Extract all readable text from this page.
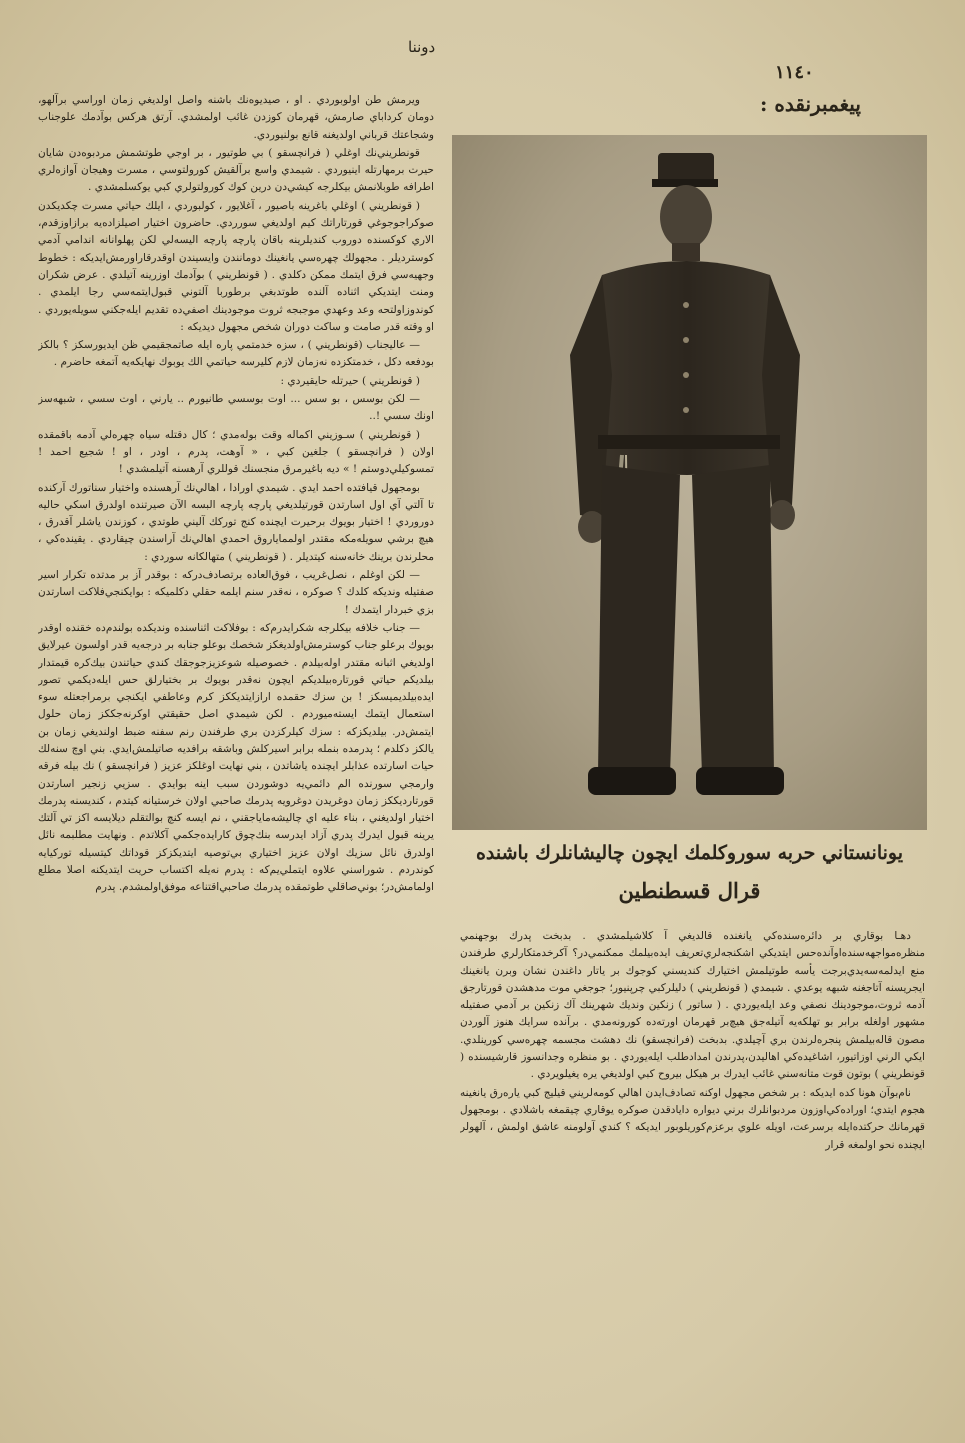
دوننا
١١٤٠
پيغمبرنقده :

ويرمش طن اولوبوردي . او ، صيديوه‌نك باشنه واصل اولديغي زمان اوراسي برآلهو، دومان كرداباي صارمش، قهرمان كوزدن غائب اولمشدي. آرتق هركس بوآدمك علوجناب وشجاعتك قرباني اولديغنه قانع بولنيوردي.

قونطريني‌نك اوغلي ( فرانچسقو ) بي طوتيور ، بر اوجي طوتشمش مردبوه‌دن شايان حيرت برمهارتله اينيوردي . شيمدي واسع برآلقيش كورولتوسي ، مسرت وهيجان آوازه‌لري اطرافه طوبلانمش بيكلرجه كيشي‌دن درين كوك كورولتولري كبي يوكسلمشدي .

( قونطريني ) اوغلي باغرينه باصيور ، آغلايور ، كولبوردي ، ايلك حياتي مسرت چكديكدن صوكراجوجوغي قورتاراتك كيم اولديغي سورردي. حاضرون اختيار اصيلزاده‌يه برازاوزقدم، الاري كوكسنده دوروب كنديلرينه باقان پارچه پارچه اليسه‌لي لكن پهلوانانه اندامي آدمي كوسترديلر . مجهولك چهره‌سي يانغينك دومانندن وايسيندن اوقدرقاراورمش‌ايديكه : خطوط وجهيه‌سي فرق ايتمك ممكن دكلدي . ( قونطريني ) بوآدمك اوزرينه آتيلدي . عرض شكران ومنت ايتديكي اثناده آلنده طوتدبغي برطوربا آلتوني قبول‌ايتمه‌سي رجا ايلمدي . كوندوزاولتحه وعد وعهدي موجبجه ثروت موجودينك اصفي‌ده تقديم ايله‌جكني سويله‌يوردي . او وقته قدر صامت و ساكت دوران شخص مجهول ديديكه :

— عاليجناب (قونطريني ) ، سزه خدمتمي پاره ايله صاتمجقيمي ظن ايديورسكز ؟ بالكز بودفعه دكل ، خدمتكزده نه‌زمان لازم كليرسه حياتمي الك يوبوك نهايكه‌يه آتمغه حاضرم .

( قونطريني ) حيرتله حايقيردي :

— لكن بوسس ، بو سس ... اوت بوسسي طانيورم .. يارني ، اوت سسي ، شبهه‌سز اونك سسي !..

( قونطريني ) سـوزيني اكماله وقت بوله‌مدي ؛ كال دقتله سياه چهره‌لي آدمه باقمقده اولان ( فرانچسقو ) جلغين كبي ، « آوهت، پدرم ، اودر ، او ! شجيع احمد ! تمسوكيلي‌دوستم ! » ديه باغيرمرق منجسنك قوللري آرهسنه آتيلمشدي !

بومجهول قيافتده احمد ايدي . شيمدي اورادا ، اهالي‌نك آرهسنده واختيار سناتورك آركنده تا آلتي آي اول اسارتدن قورتيلديغي پارچه پارچه البسه الآن صيرتنده اولدرق اسكي حاليه دوروردي ! اختيار بويوك برحيرت ايچنده كنج توركك آليني طوتدي ، كوزندن ياشلر آقدرق ، هيچ برشي سويله‌مكه مقتدر اولمماياروق احمدي اهالي‌نك آراسندن چيقاردي . يقينده‌كي ، محلرندن برينك خانه‌سنه كيتديلر . ( قونطريني ) متهالكانه سوردي :

— لكن اوغلم ، نصل‌غريب ، فوق‌العاده برتصادف‌دركه : بوقدر آز بر مدتده تكرار اسير صفتيله ونديكه كلدك ؟ صوكره ، نه‌قدر سنم ايلمه حقلي دكلميكه : بوايكنجي‌فلاكت اسارتدن بزي خبردار ايتمدك !

— جناب خلافه بيكلرجه شكرايدرم‌كه : بوفلاكت اثناسنده ونديكده بولندم‌ده خقنده اوقدر بويوك برعلو جناب كوسترمش‌اولديغكز شخصك بوعلو جنابه بر درجه‌يه قدر اولسون عيرلايق اولديغي اثبانه مقتدر اوله‌بيلدم . خصوصيله شوعزيزجوجقك كندي حياتندن بيك‌كره قيمتدار بيلديكم حياتي قورتاره‌بيلديكم ايچون نه‌قدر بويوك بر بختيارلق حس ايله‌ديكمي تصور ايده‌بيلديميسكز ! بن سزك حقمده ارازايتديككز كرم وعاطفي ايكنجي برمراجعتله سوء استعمال ايتمك ايسته‌ميوردم . لكن شيمدي اصل حقيقتي اوكرنه‌جككز زمان حلول ايتمش‌در. بيلديكزكه : سزك كيلركزدن بري طرفندن رنم سفنه ضبط اولنديغي زمان بن يالكز دكلدم ؛ پدرمده بنمله برابر اسيركلش وباشقه برافديه صاتيلمش‌ايدي. بني اوچ سنه‌لك حيات اسارتده عذابلر ايچنده ياشاتدن ، بني نهايت اوغلكز عزيز ( فرانچسقو ) نك بيله فرقه وارمجي سورنده الم دائمي‌يه دوشوردن سبب اينه بوايدي . سزيي زنجير اسارتدن قورتارديككز زمان دوغريدن دوغرويه پدرمك صاحبي اولان خرستيانه كيتدم ، كنديسنه پدرمك اختيار اولديغني ، بناء عليه اي چاليشه‌ماياجقني ، نم ايسه كنچ بوالتقلم ديلايسه اكز تي آلتك يرينه قبول ايدرك پدري آزاد ايدرسه بنك‌چوق كارايده‌جكمي آكلاتدم . ونهايت مطلبمه نائل اولدرق نائل سزيك اولان عزيز اختياري بي‌توصيه ايتديكزكز قوداتك كيتسيله توركيايه كوندردم . شوراسني علاوه ايتملي‌يم‌كه : پدرم نه‌يله اكتساب حريت ايتديكنه اصلا مطلع اولمامش‌در؛ بوني‌صاقلي طوتمقده پدرمك صاحبي‌اقتناعه موفق‌اولمشدم. پدرم

يونانستاني حربه سوروكلمك ايچون چاليشانلرك باشنده
قرال قسطنطين

دهـا بوقاري بر دائره‌سنده‌كي يانغنده قالديغي آ كلاشيلمشدي . بدبخت پدرك بوجهنمي منظره‌مواجهه‌سنده‌اوآنده‌حس ايتديكي اشكنجه‌لري‌تعريف ايده‌بيلمك ممكنمي‌در؟ آكرخدمتكارلري طرفندن منع ايدلمه‌سه‌يدي‌برجت يأسه طوتيلمش اختيارك كنديسني كوجوك بر ياتار داغندن نشان وبرن يانغينك ايجريسنه آتاجغنه شبهه يوعدي . شيمدي ( قونطريني ) دليلركبي چرپنيور؛ جوجغي موت مدهشدن قورتارجق آدمه ثروت،موجودينك نصفي وعد ايله‌يوردي . ( ساتور ) زنكين ونديك شهرينك آك زنكين بر آدمي صفتيله مشهور اولغله برابر بو تهلكه‌يه آتيله‌جق هيچ‌بر قهرمان اورته‌ده كورونه‌مدي . برآنده سرايك هنوز آلوردن مصون قاله‌بيلمش پنجره‌لرندن بري آچيلدي. بدبخت (فرانچسقو) نك دهشت مجسمه چهره‌سي كورينلدي. ايكي الرني اوزاتيور، اشاغيده‌كي اهاليدن،پدرندن امدادطلب ايله‌يوردي . بو منظره وجدانسوز قارشيسنده ( قونطريني ) بوتون قوت متانه‌سني غائب ايدرك بر هيكل بيروح كبي اولديغي يره يغيلويردي .

نام‌بوآن هونا كده ايديكه : بر شخص مجهول اوكنه تصادف‌ايدن اهالي كومه‌لريني قيليج كبي ياره‌رق يانغينه هجوم ايتدي؛ اوراده‌كي‌اوزون مردبوانلرك برني ديواره دايادقدن صوكره يوقاري چيقمغه باشلادي . بومجهول قهرمانك حركتده‌ايله برسرعت، اويله علوي برعزم‌كوريلوبور ايديكه‌ ؟ كندي آولومنه عاشق اولمش ، آلهولر ايچنده نحو اولمغه قرار
